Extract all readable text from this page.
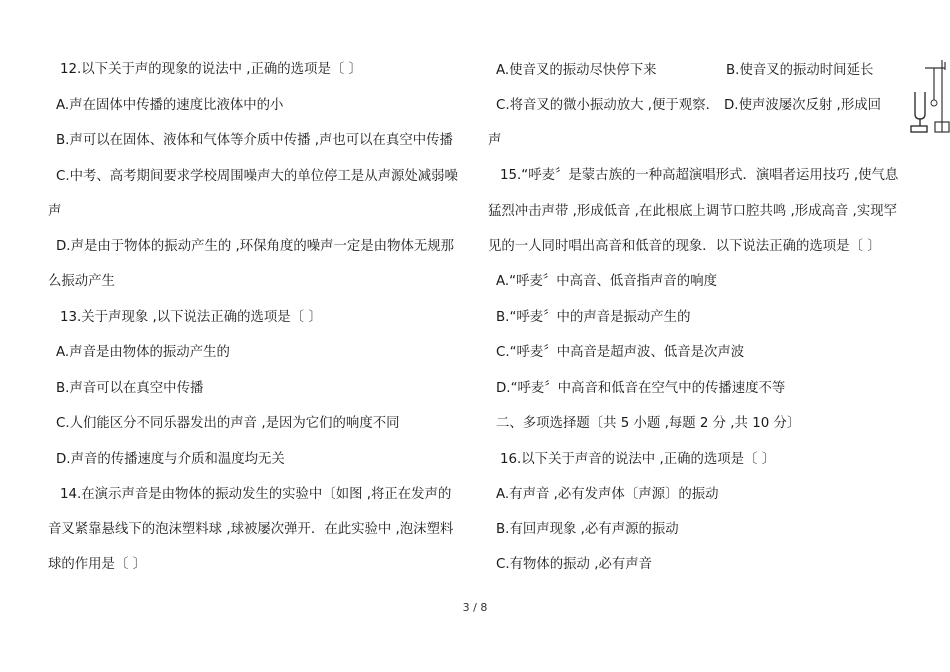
12.以下关于声的现象的说法中 ,正确的选项是〔 〕
A.声在固体中传播的速度比液体中的小
B.声可以在固体、液体和气体等介质中传播 ,声也可以在真空中传播
C.中考、高考期间要求学校周围噪声大的单位停工是从声源处减弱噪
声
D.声是由于物体的振动产生的 ,环保角度的噪声一定是由物体无规那
么振动产生
13.关于声现象 ,以下说法正确的选项是〔 〕
A.声音是由物体的振动产生的
B.声音可以在真空中传播
C.人们能区分不同乐器发出的声音 ,是因为它们的响度不同
D.声音的传播速度与介质和温度均无关
14.在演示声音是由物体的振动发生的实验中〔如图 ,将正在发声的
音叉紧靠悬线下的泡沫塑料球 ,球被屡次弹开．在此实验中 ,泡沫塑料
球的作用是〔 〕
A.使音叉的振动尽快停下来	B.使音叉的振动时间延长
C.将音叉的微小振动放大 ,便于观察． D.使声波屡次反射 ,形成回
声
15.“呼麦〞是蒙古族的一种高超演唱形式．演唱者运用技巧 ,使气息
猛烈冲击声带 ,形成低音 ,在此根底上调节口腔共鸣 ,形成高音 ,实现罕
见的一人同时唱出高音和低音的现象．以下说法正确的选项是〔 〕
A.“呼麦〞中高音、低音指声音的响度
B.“呼麦〞中的声音是振动产生的
C.“呼麦〞中高音是超声波、低音是次声波
D.“呼麦〞中高音和低音在空气中的传播速度不等
二、多项选择题〔共 5 小题 ,每题 2 分 ,共 10 分〕
16.以下关于声音的说法中 ,正确的选项是〔 〕
A.有声音 ,必有发声体〔声源〕的振动
B.有回声现象 ,必有声源的振动
C.有物体的振动 ,必有声音
3 / 8
